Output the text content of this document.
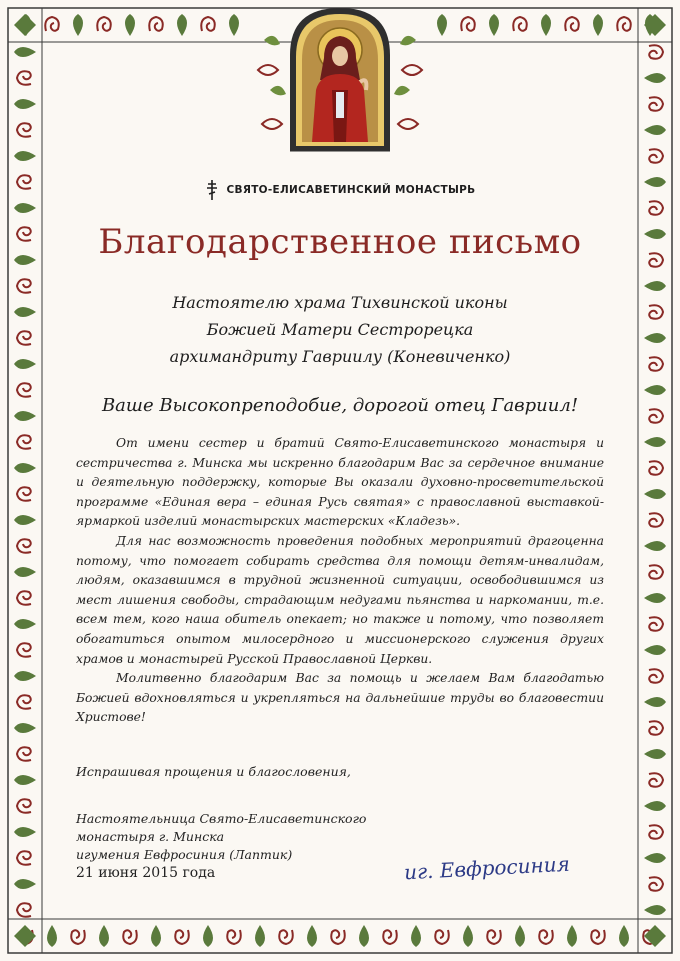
СВЯТО-ЕЛИСАВЕТИНСКИЙ МОНАСТЫРЬ
Благодарственное письмо
Настоятелю храма Тихвинской иконы
Божией Матери Сестрорецка
архимандриту Гавриилу (Коневиченко)
Ваше Высокопреподобие, дорогой отец Гавриил!

От имени сестер и братий Свято-Елисаветинского монастыря и сестричества г. Минска мы искренно благодарим Вас за сердечное внимание и деятельную поддержку, которые Вы оказали духовно-просветительской программе «Единая вера – единая Русь святая» с православной выставкой-ярмаркой изделий монастырских мастерских «Кладезь».

Для нас возможность проведения подобных мероприятий драгоценна потому, что помогает собирать средства для помощи детям-инвалидам, людям, оказавшимся в трудной жизненной ситуации, освободившимся из мест лишения свободы, страдающим недугами пьянства и наркомании, т.е. всем тем, кого наша обитель опекает; но также и потому, что позволяет обогатиться опытом милосердного и миссионерского служения других храмов и монастырей Русской Православной Церкви.

Молитвенно благодарим Вас за помощь и желаем Вам благодатью Божией вдохновляться и укрепляться на дальнейшие труды во благовестии Христове!

Испрашивая прощения и благословения,
Настоятельница Свято-Елисаветинского
монастыря г. Минска
игумения Евфросиния (Лаптик)
21 июня 2015 года	иг. Евфросиния
